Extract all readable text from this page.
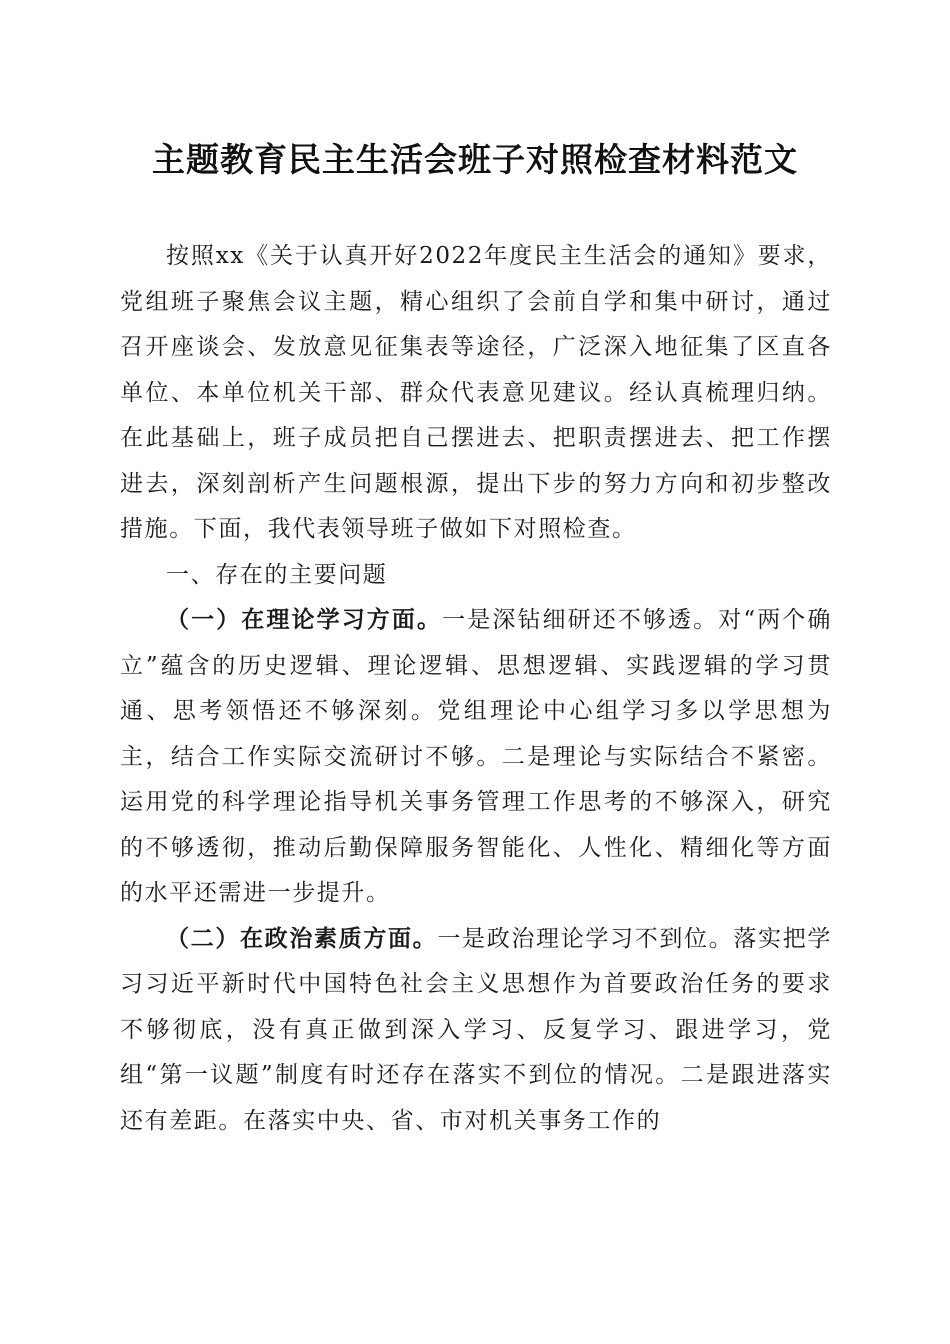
主题教育民主生活会班子对照检查材料范文

按照xx《关于认真开好2022年度民主生活会的通知》要求，党组班子聚焦会议主题，精心组织了会前自学和集中研讨，通过召开座谈会、发放意见征集表等途径，广泛深入地征集了区直各单位、本单位机关干部、群众代表意见建议。经认真梳理归纳。在此基础上，班子成员把自己摆进去、把职责摆进去、把工作摆进去，深刻剖析产生问题根源，提出下步的努力方向和初步整改措施。下面，我代表领导班子做如下对照检查。

一、存在的主要问题

（一）在理论学习方面。一是深钻细研还不够透。对“两个确立”蕴含的历史逻辑、理论逻辑、思想逻辑、实践逻辑的学习贯通、思考领悟还不够深刻。党组理论中心组学习多以学思想为主，结合工作实际交流研讨不够。二是理论与实际结合不紧密。运用党的科学理论指导机关事务管理工作思考的不够深入，研究的不够透彻，推动后勤保障服务智能化、人性化、精细化等方面的水平还需进一步提升。

（二）在政治素质方面。一是政治理论学习不到位。落实把学习习近平新时代中国特色社会主义思想作为首要政治任务的要求不够彻底，没有真正做到深入学习、反复学习、跟进学习，党组“第一议题”制度有时还存在落实不到位的情况。二是跟进落实还有差距。在落实中央、省、市对机关事务工作的
